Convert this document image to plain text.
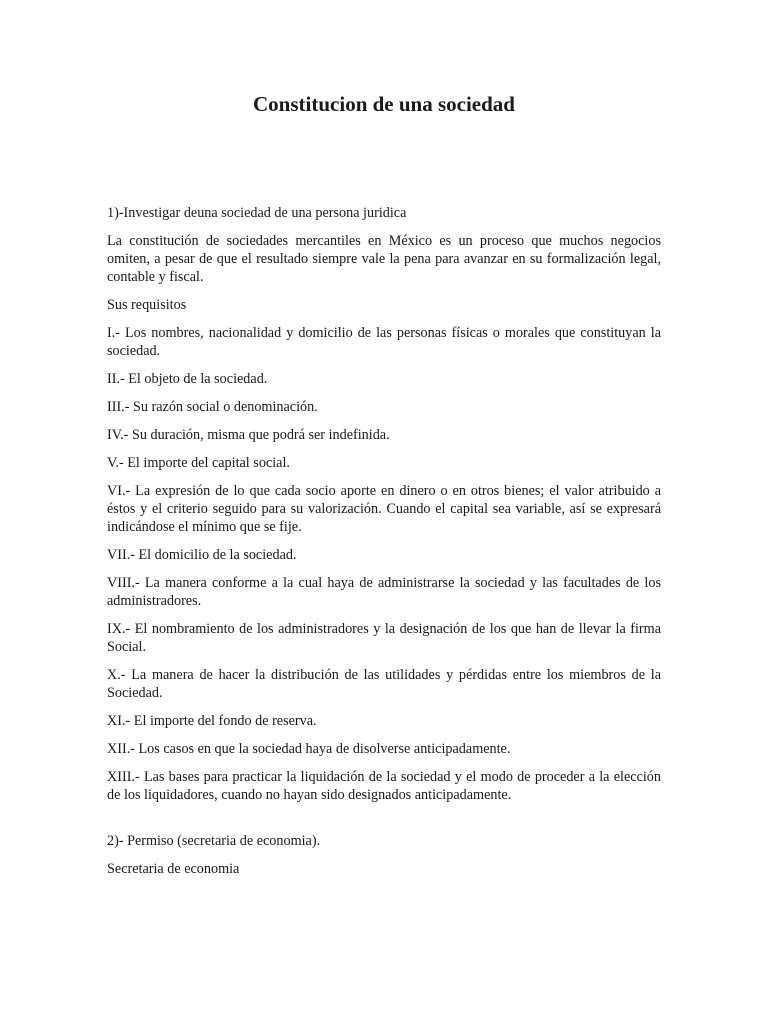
Constitucion de una sociedad

1)-Investigar deuna sociedad de una persona juridica

La constitución de sociedades mercantiles en México es un proceso que muchos negocios omiten, a pesar de que el resultado siempre vale la pena para avanzar en su formalización legal, contable y fiscal.

Sus requisitos

I.- Los nombres, nacionalidad y domicilio de las personas físicas o morales que constituyan la sociedad.

II.- El objeto de la sociedad.

III.- Su razón social o denominación.

IV.- Su duración, misma que podrá ser indefinida.

V.- El importe del capital social.

VI.- La expresión de lo que cada socio aporte en dinero o en otros bienes; el valor atribuido a éstos y el criterio seguido para su valorización. Cuando el capital sea variable, así se expresará indicándose el mínimo que se fije.

VII.- El domicilio de la sociedad.

VIII.- La manera conforme a la cual haya de administrarse la sociedad y las facultades de los administradores.

IX.- El nombramiento de los administradores y la designación de los que han de llevar la firma Social.

X.- La manera de hacer la distribución de las utilidades y pérdidas entre los miembros de la Sociedad.

XI.- El importe del fondo de reserva.

XII.- Los casos en que la sociedad haya de disolverse anticipadamente.

XIII.- Las bases para practicar la liquidación de la sociedad y el modo de proceder a la elección de los liquidadores, cuando no hayan sido designados anticipadamente.

2)- Permiso (secretaria de economia).

Secretaria de economia
